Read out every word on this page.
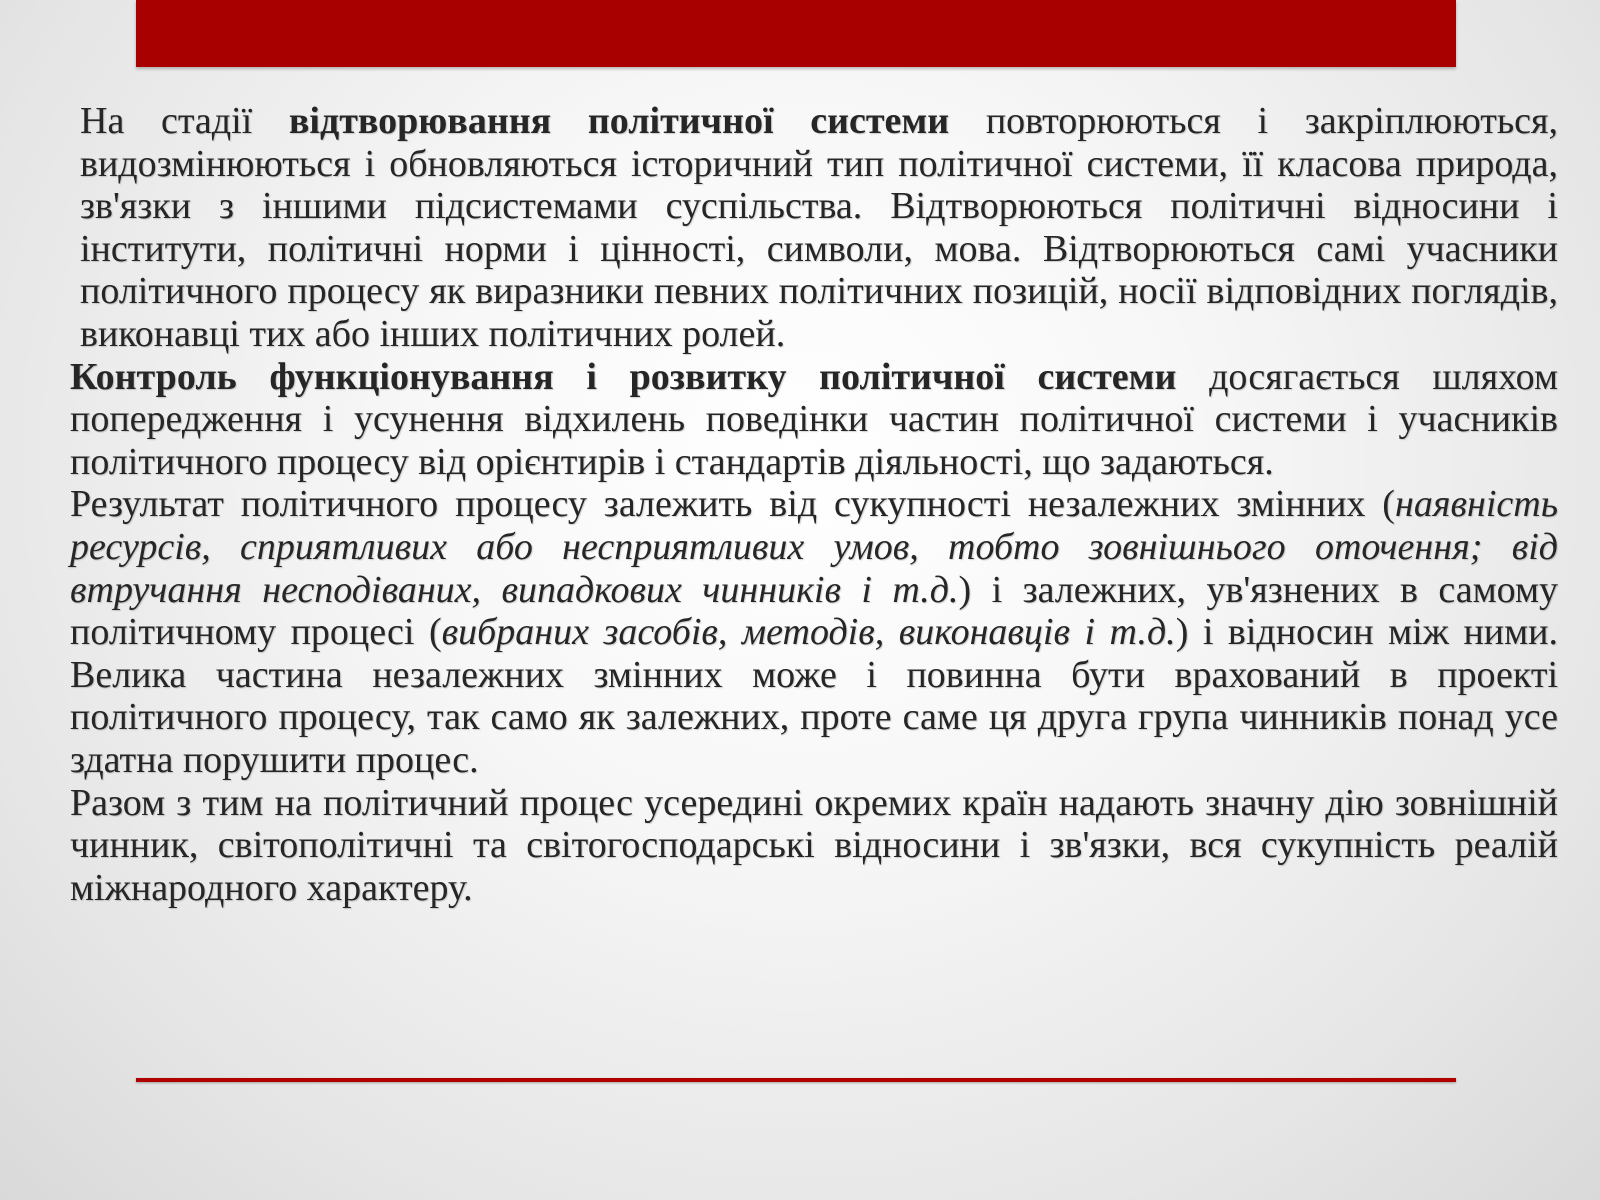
На стадії відтворювання політичної системи повторюються і закріплюються, видозмінюються і обновляються історичний тип політичної системи, її класова природа, зв'язки з іншими підсистемами суспільства. Відтворюються політичні відносини і інститути, політичні норми і цінності, символи, мова. Відтворюються самі учасники політичного процесу як виразники певних політичних позицій, носії відповідних поглядів, виконавці тих або інших політичних ролей.

Контроль функціонування і розвитку політичної системи досягається шляхом попередження і усунення відхилень поведінки частин політичної системи і учасників політичного процесу від орієнтирів і стандартів діяльності, що задаються.

Результат політичного процесу залежить від сукупності незалежних змінних (наявність ресурсів, сприятливих або несприятливих умов, тобто зовнішнього оточення; від втручання несподіваних, випадкових чинників і т.д.) і залежних, ув'язнених в самому політичному процесі (вибраних засобів, методів, виконавців і т.д.) і відносин між ними. Велика частина незалежних змінних може і повинна бути врахований в проекті політичного процесу, так само як залежних, проте саме ця друга група чинників понад усе здатна порушити процес.

Разом з тим на політичний процес усередині окремих країн надають значну дію зовнішній чинник, світополітичні та світогосподарські відносини і зв'язки, вся сукупність реалій міжнародного характеру.
